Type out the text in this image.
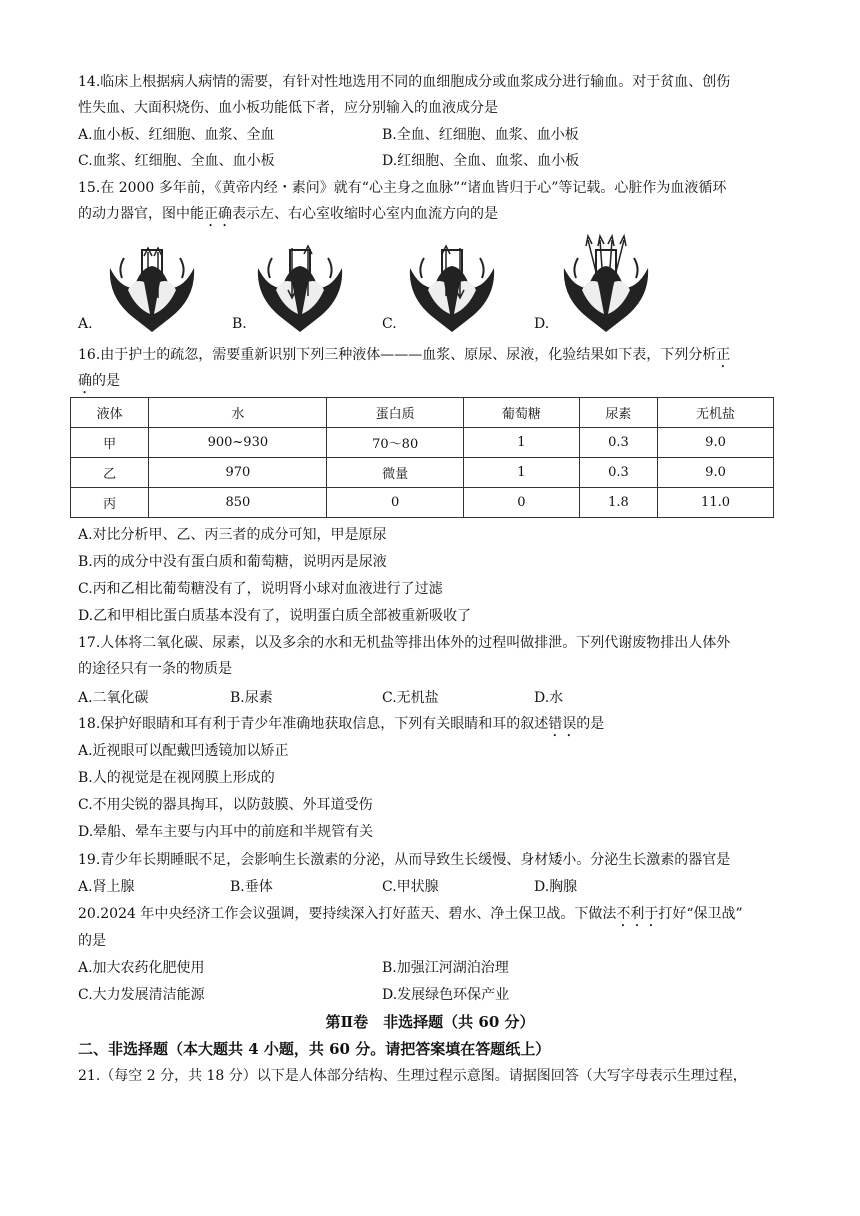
14.临床上根据病人病情的需要，有针对性地选用不同的血细胞成分或血浆成分进行输血。对于贫血、创伤
性失血、大面积烧伤、血小板功能低下者，应分别输入的血液成分是
A.血小板、红细胞、血浆、全血	B.全血、红细胞、血浆、血小板
C.血浆、红细胞、全血、血小板	D.红细胞、全血、血浆、血小板
15.在 2000 多年前，《黄帝内经・素问》就有“心主身之血脉”“诸血皆归于心”等记载。心脏作为血液循环
的动力器官，图中能正确表示左、右心室收缩时心室内血流方向的是
A.	B.	C.	D.
16.由于护士的疏忽，需要重新识别下列三种液体———血浆、原尿、尿液，化验结果如下表，下列分析正
确的是
液体	水	蛋白质	葡萄糖	尿素	无机盐
甲	900~930	70～80	1	0.3	9.0
乙	970	微量	1	0.3	9.0
丙	850	0	0	1.8	11.0
A.对比分析甲、乙、丙三者的成分可知，甲是原尿
B.丙的成分中没有蛋白质和葡萄糖，说明丙是尿液
C.丙和乙相比葡萄糖没有了，说明肾小球对血液进行了过滤
D.乙和甲相比蛋白质基本没有了，说明蛋白质全部被重新吸收了
17.人体将二氧化碳、尿素，以及多余的水和无机盐等排出体外的过程叫做排泄。下列代谢废物排出人体外
的途径只有一条的物质是
A.二氧化碳	B.尿素	C.无机盐	D.水
18.保护好眼睛和耳有利于青少年准确地获取信息，下列有关眼睛和耳的叙述错误的是
A.近视眼可以配戴凹透镜加以矫正
B.人的视觉是在视网膜上形成的
C.不用尖锐的器具掏耳，以防鼓膜、外耳道受伤
D.晕船、晕车主要与内耳中的前庭和半规管有关
19.青少年长期睡眠不足，会影响生长激素的分泌，从而导致生长缓慢、身材矮小。分泌生长激素的器官是
A.肾上腺	B.垂体	C.甲状腺	D.胸腺
20.2024 年中央经济工作会议强调，要持续深入打好蓝天、碧水、净土保卫战。下做法不利于打好“保卫战”
的是
A.加大农药化肥使用	B.加强江河湖泊治理
C.大力发展清洁能源	D.发展绿色环保产业
第Ⅱ卷　非选择题（共 60 分）
二、非选择题（本大题共 4 小题，共 60 分。请把答案填在答题纸上）
21.（每空 2 分，共 18 分）以下是人体部分结构、生理过程示意图。请据图回答（大写字母表示生理过程，
